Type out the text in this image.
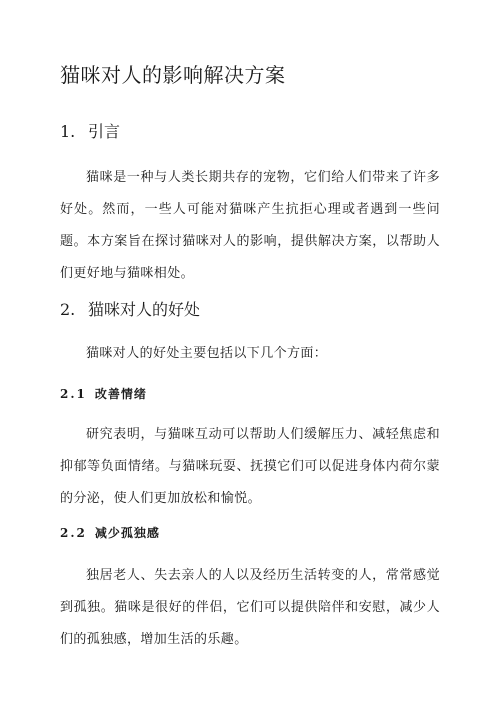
猫咪对人的影响解决方案
1. 引言

猫咪是一种与人类长期共存的宠物，它们给人们带来了许多好处。然而，一些人可能对猫咪产生抗拒心理或者遇到一些问题。本方案旨在探讨猫咪对人的影响，提供解决方案，以帮助人们更好地与猫咪相处。

2. 猫咪对人的好处

猫咪对人的好处主要包括以下几个方面：

2.1 改善情绪

研究表明，与猫咪互动可以帮助人们缓解压力、减轻焦虑和抑郁等负面情绪。与猫咪玩耍、抚摸它们可以促进身体内荷尔蒙的分泌，使人们更加放松和愉悦。

2.2 减少孤独感

独居老人、失去亲人的人以及经历生活转变的人，常常感觉到孤独。猫咪是很好的伴侣，它们可以提供陪伴和安慰，减少人们的孤独感，增加生活的乐趣。
